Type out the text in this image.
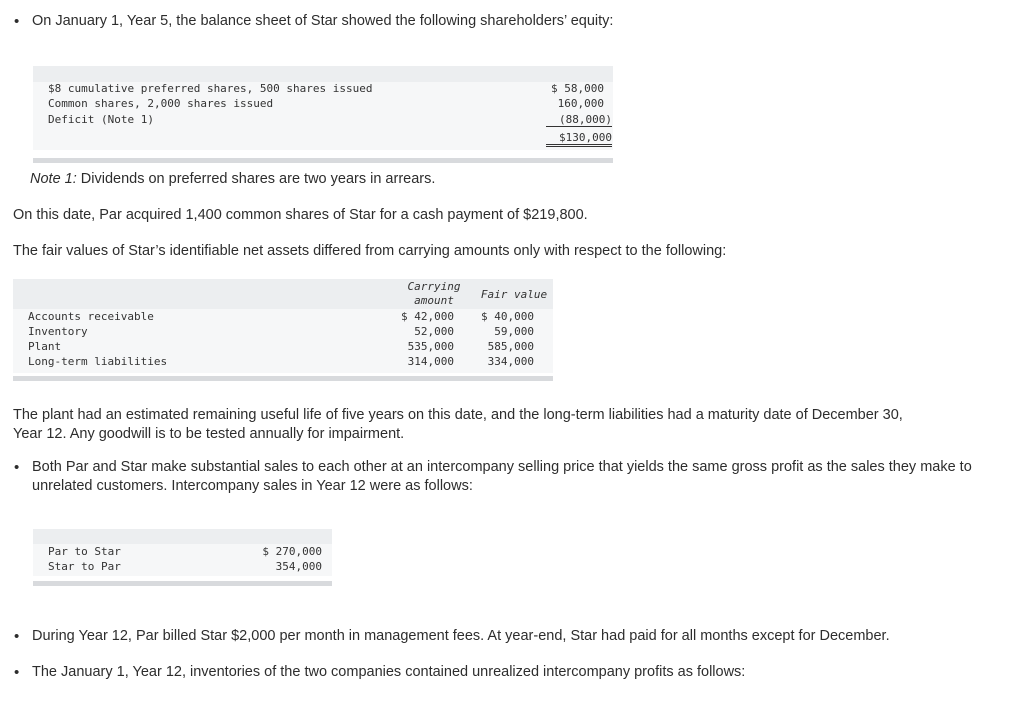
• On January 1, Year 5, the balance sheet of Star showed the following shareholders’ equity:
$8 cumulative preferred shares, 500 shares issued
Common shares, 2,000 shares issued
Deficit (Note 1)
$ 58,000
160,000
(88,000)
$130,000
Note 1: Dividends on preferred shares are two years in arrears.
On this date, Par acquired 1,400 common shares of Star for a cash payment of $219,800.
The fair values of Star’s identifiable net assets differed from carrying amounts only with respect to the following:
Carrying
amount	Fair value
Accounts receivable
Inventory
Plant
Long-term liabilities
$ 42,000
52,000
535,000
314,000
$ 40,000
59,000
585,000
334,000
The plant had an estimated remaining useful life of five years on this date, and the long-term liabilities had a maturity date of December 30, Year 12. Any goodwill is to be tested annually for impairment.
• Both Par and Star make substantial sales to each other at an intercompany selling price that yields the same gross profit as the sales they make to unrelated customers. Intercompany sales in Year 12 were as follows:
Par to Star
Star to Par
$ 270,000
354,000
• During Year 12, Par billed Star $2,000 per month in management fees. At year-end, Star had paid for all months except for December.
• The January 1, Year 12, inventories of the two companies contained unrealized intercompany profits as follows:
